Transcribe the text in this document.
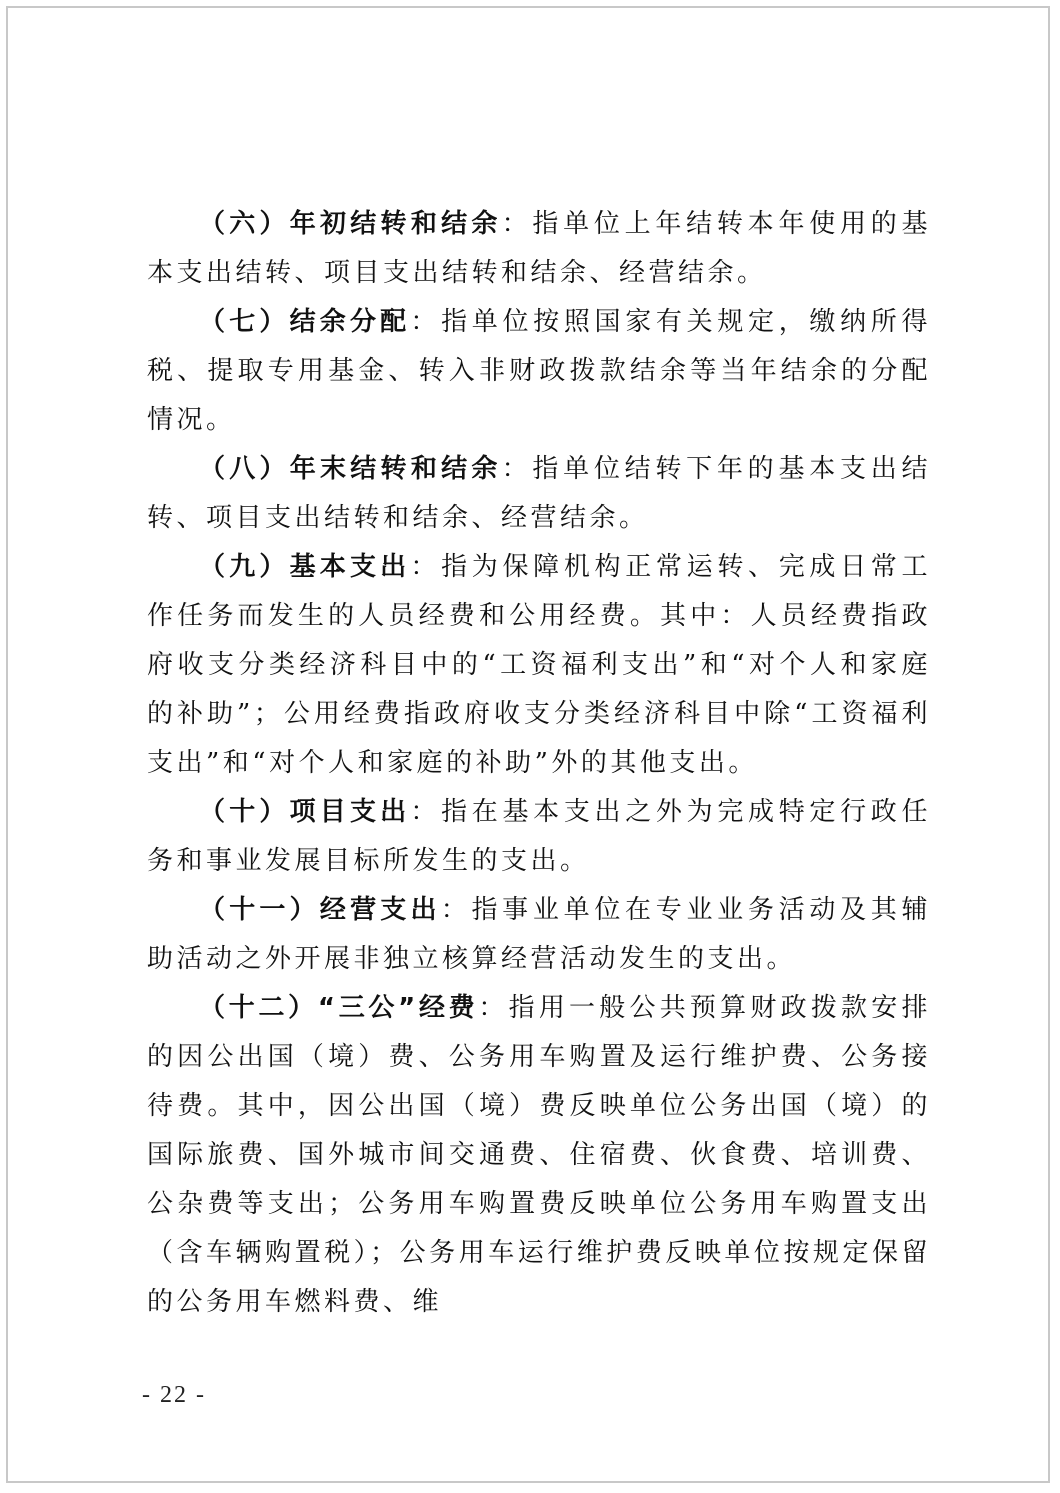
（六）年初结转和结余：指单位上年结转本年使用的基本支出结转、项目支出结转和结余、经营结余。

（七）结余分配：指单位按照国家有关规定，缴纳所得税、提取专用基金、转入非财政拨款结余等当年结余的分配情况。

（八）年末结转和结余：指单位结转下年的基本支出结转、项目支出结转和结余、经营结余。

（九）基本支出：指为保障机构正常运转、完成日常工作任务而发生的人员经费和公用经费。其中：人员经费指政府收支分类经济科目中的“工资福利支出”和“对个人和家庭的补助”；公用经费指政府收支分类经济科目中除“工资福利支出”和“对个人和家庭的补助”外的其他支出。

（十）项目支出：指在基本支出之外为完成特定行政任务和事业发展目标所发生的支出。

（十一）经营支出：指事业单位在专业业务活动及其辅助活动之外开展非独立核算经营活动发生的支出。

（十二）“三公”经费：指用一般公共预算财政拨款安排的因公出国（境）费、公务用车购置及运行维护费、公务接待费。其中，因公出国（境）费反映单位公务出国（境）的国际旅费、国外城市间交通费、住宿费、伙食费、培训费、公杂费等支出；公务用车购置费反映单位公务用车购置支出（含车辆购置税）；公务用车运行维护费反映单位按规定保留的公务用车燃料费、维

- 22 -
